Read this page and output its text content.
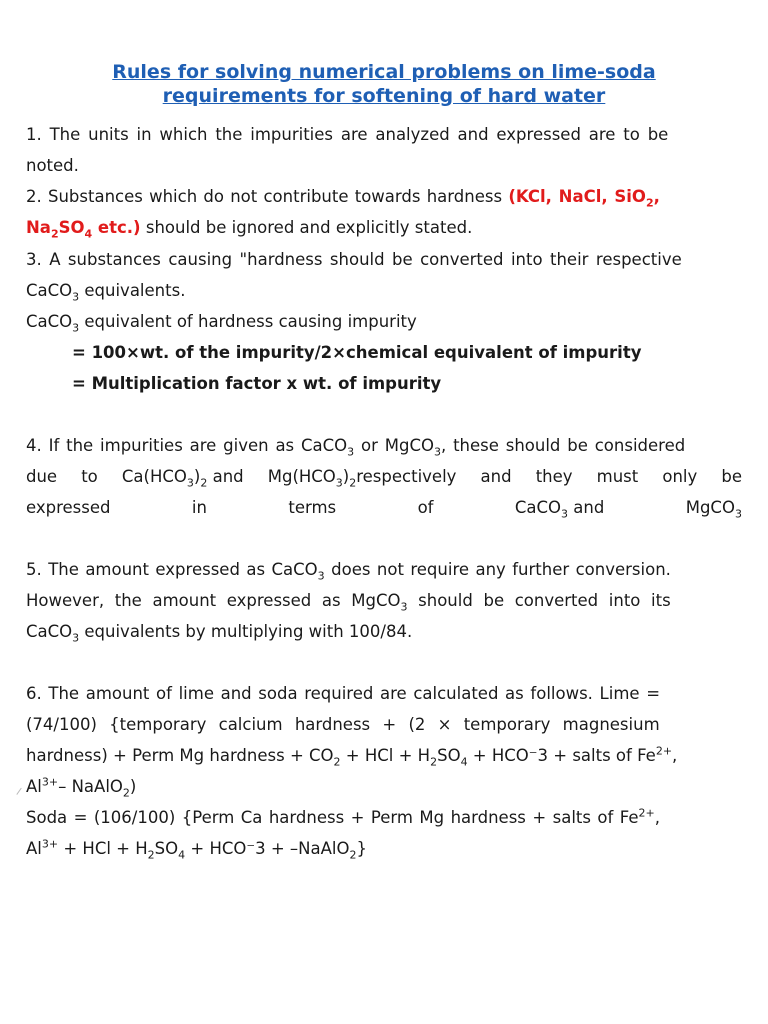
Rules for solving numerical problems on lime-soda
requirements for softening of hard water
1. The units in which the impurities are analyzed and expressed are to be
noted.
2. Substances which do not contribute towards hardness (KCl, NaCl, SiO$_2$,
$Na_2SO_4$ etc.) should be ignored and explicitly stated.
3. A substances causing "hardness should be converted into their respective
CaCO$_3$ equivalents.
CaCO$_3$ equivalent of hardness causing impurity
= 100×wt. of the impurity/2×chemical equivalent of impurity
= Multiplication factor x wt. of impurity
4. If the impurities are given as CaCO$_3$ or MgCO$_3$, these should be considered
due to $Ca(HCO_3)_2$ and $Mg(HCO_3)_2respectively$ and they must only be
expressed	in	terms	of	CaCO$_3$ and	MgCO$_3$
5. The amount expressed as CaCO$_3$ does not require any further conversion.
However, the amount expressed as MgCO$_3$ should be converted into its
CaCO$_3$ equivalents by multiplying with 100/84.
6. The amount of lime and soda required are calculated as follows. Lime =
(74/100) {temporary calcium hardness + (2 × temporary magnesium
hardness) + Perm Mg hardness + $CO_2$ + HCl + $H_2SO_4 + HCO^-3$ + salts of $Fe^{2+}$,
$Al^{3+}-$ NaAlO$_2$)
Soda = (106/100) {Perm Ca hardness + Perm Mg hardness + salts of $Fe^{2+}$,
$Al^{3+}$ + HCl + $H_2SO_4 + HCO^-3$ + –NaAlO$_2$}
